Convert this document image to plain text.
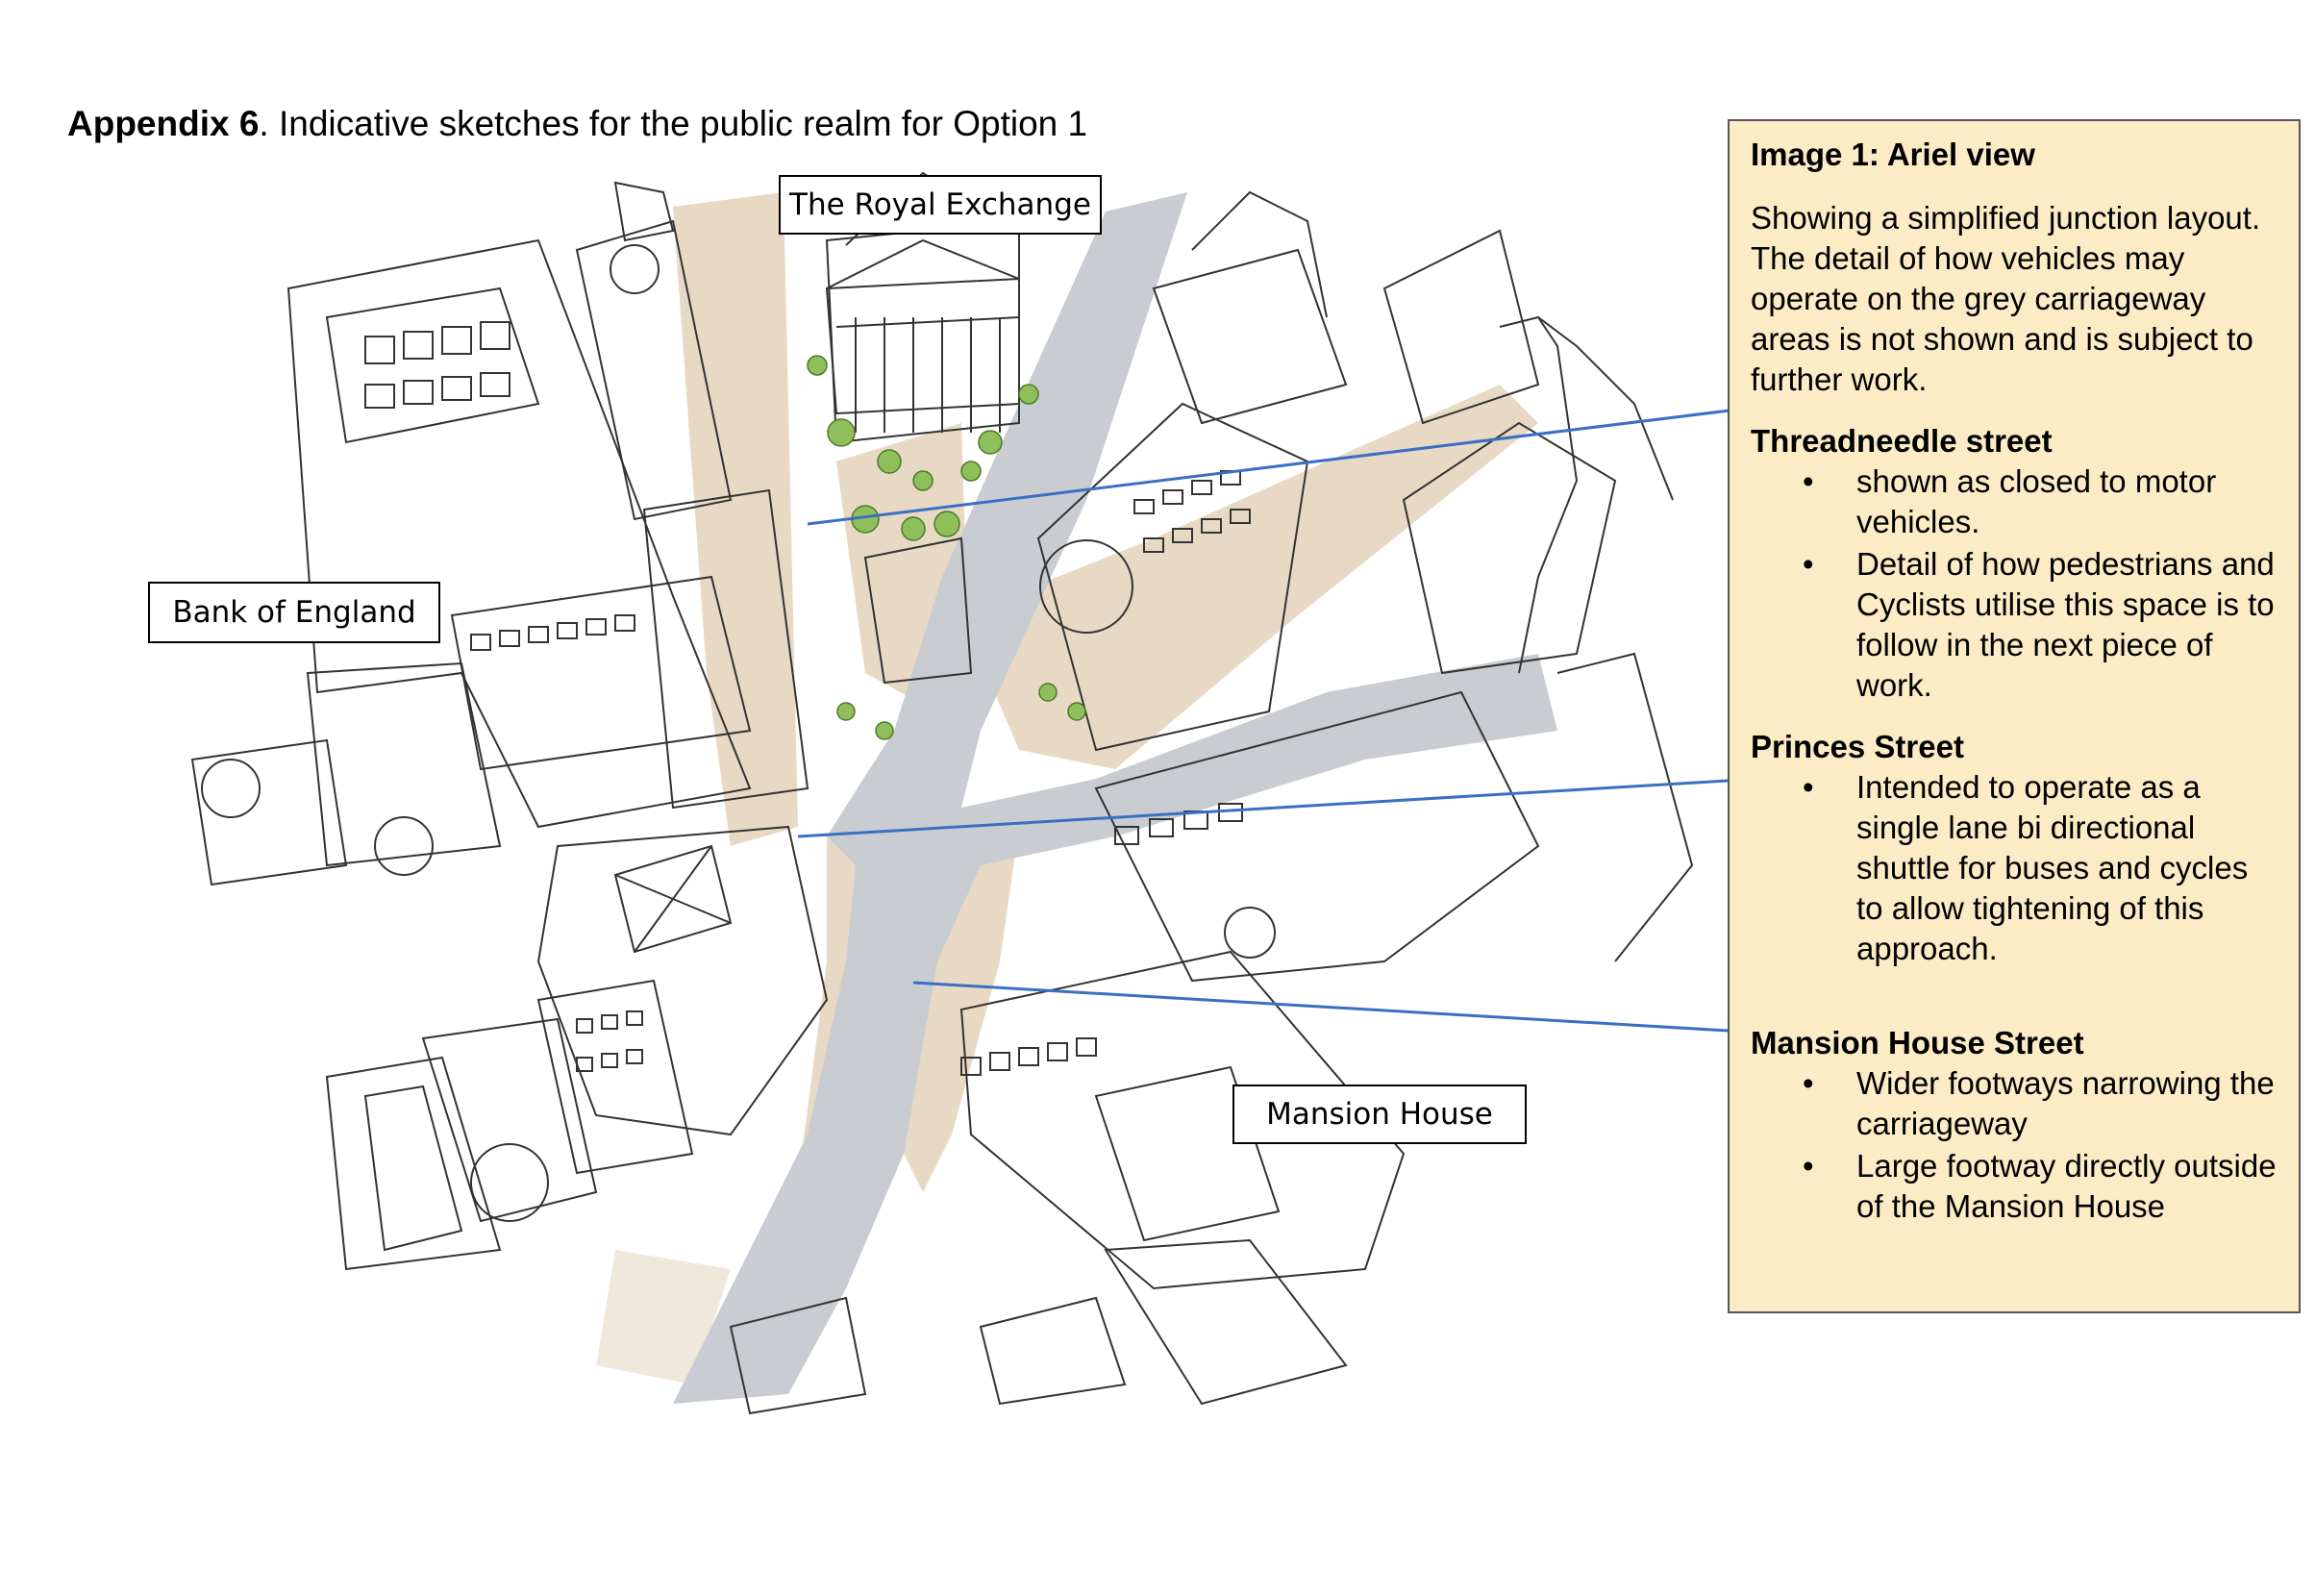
Appendix 6. Indicative sketches for the public realm for Option 1
The Royal Exchange
Bank of England
Mansion House
Image 1: Ariel view

Showing a simplified junction layout. The detail of how vehicles may operate on the grey carriageway areas is not shown and is subject to further work.

Threadneedle street
• shown as closed to motor vehicles.
• Detail of how pedestrians and Cyclists utilise this space is to follow in the next piece of work.
Princes Street
• Intended to operate as a single lane bi directional shuttle for buses and cycles to allow tightening of this approach.
Mansion House Street
• Wider footways narrowing the carriageway
• Large footway directly outside of the Mansion House
